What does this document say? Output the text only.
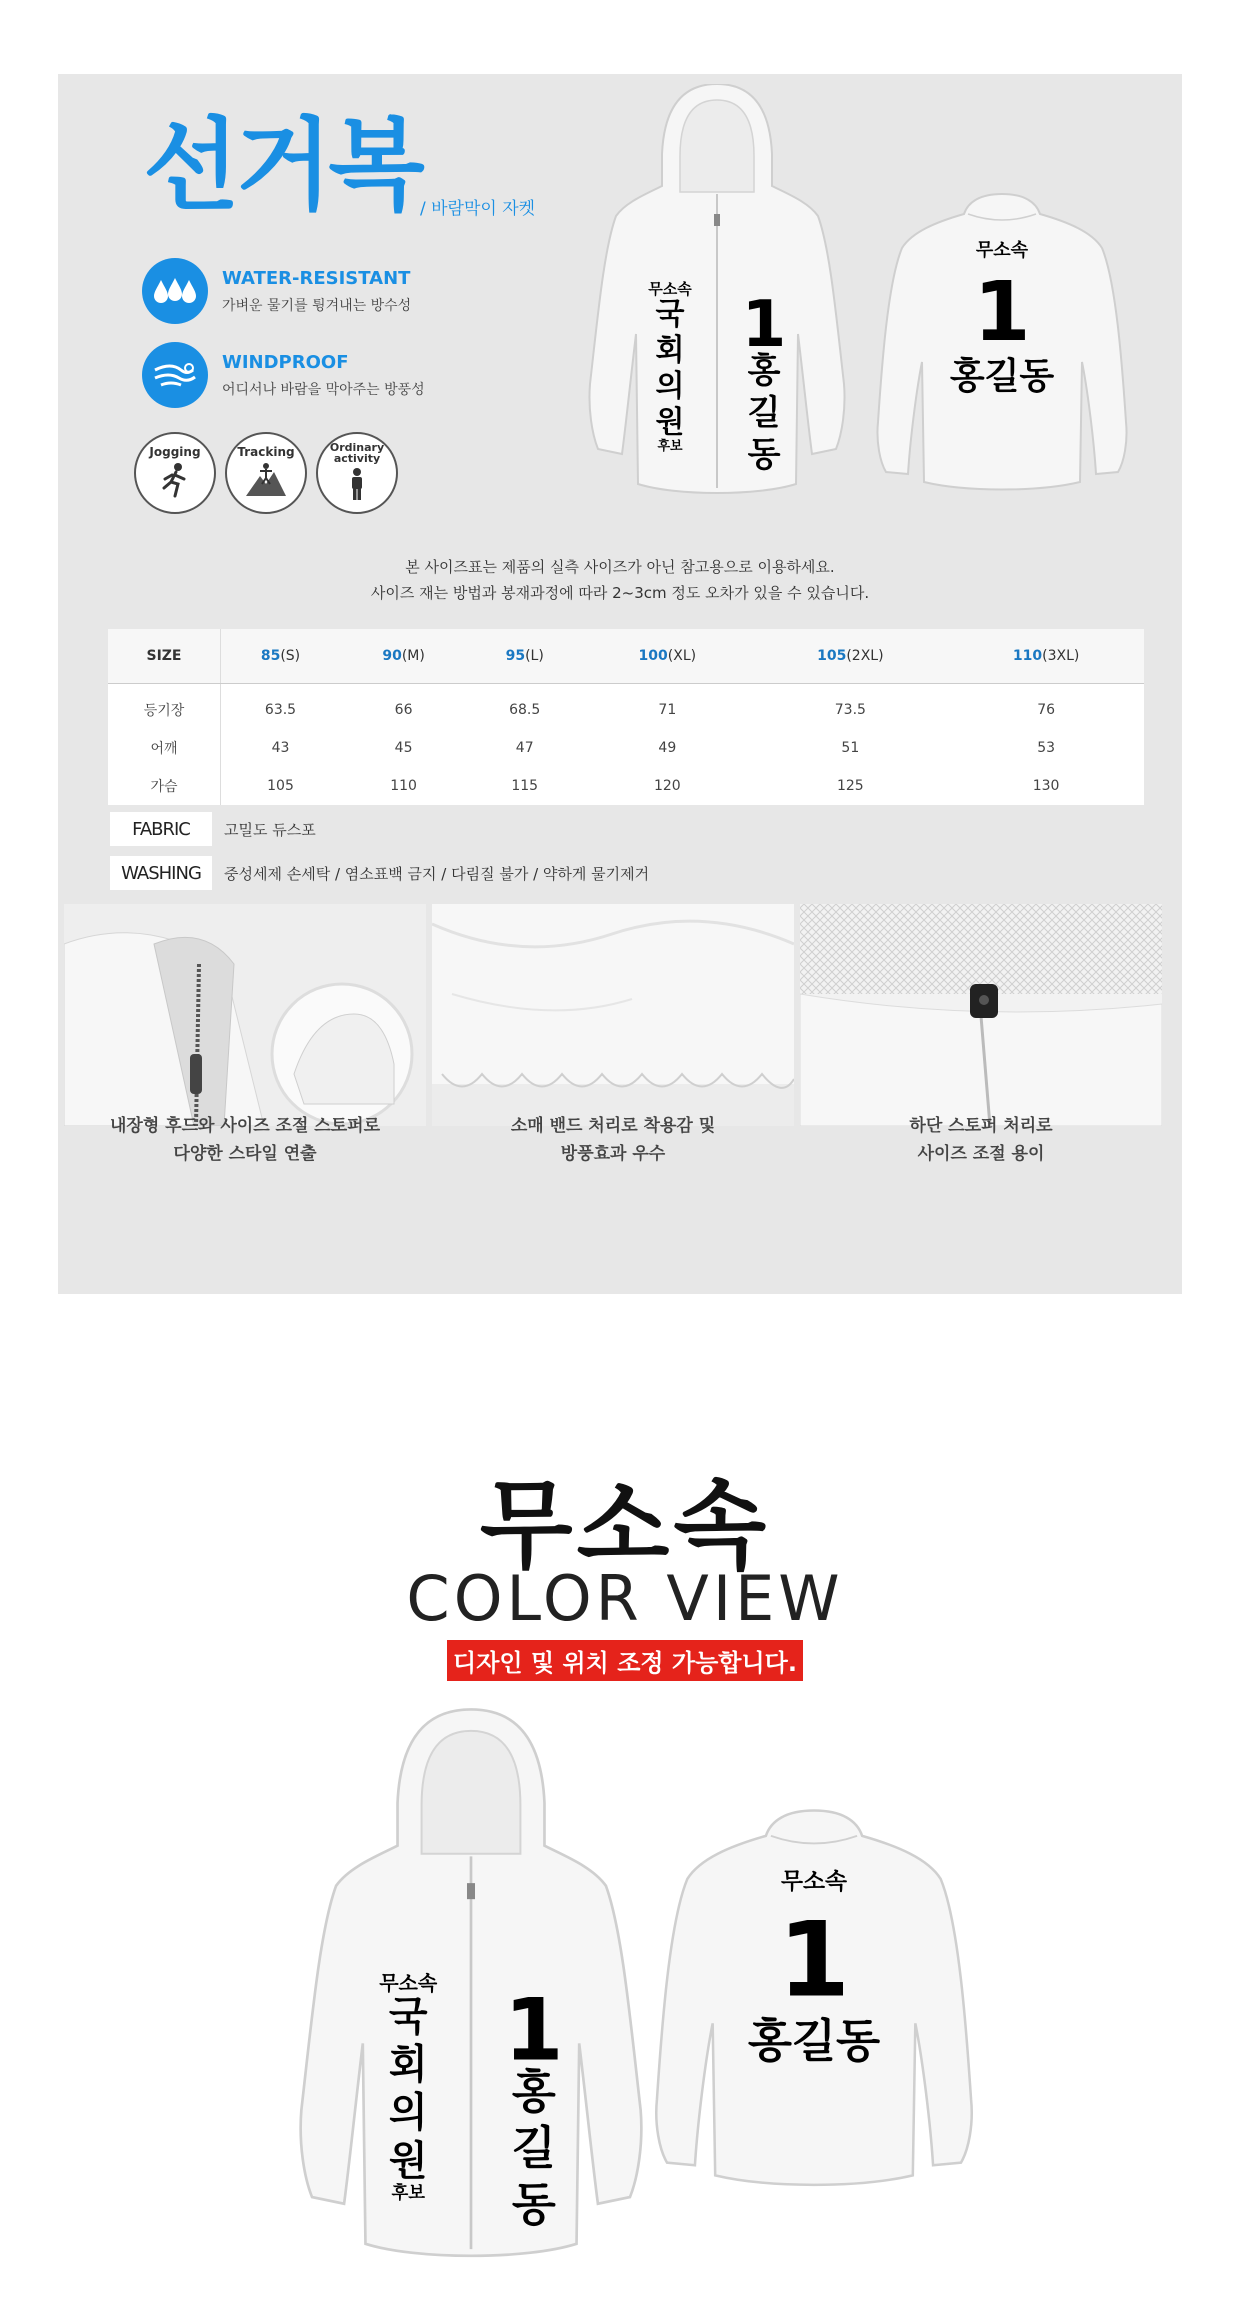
선거복 / 바람막이 자켓
WATER-RESISTANT
가벼운 물기를 튕겨내는 방수성
WINDPROOF
어디서나 바람을 막아주는 방풍성
Jogging	Tracking	Ordinary activity
무소속
국
회
의
원
후보
1
홍
길
동
무소속
1
홍길동
본 사이즈표는 제품의 실측 사이즈가 아닌 참고용으로 이용하세요.
사이즈 재는 방법과 봉재과정에 따라 2~3cm 정도 오차가 있을 수 있습니다.
SIZE	85(S)	90(M)	95(L)	100(XL)	105(2XL)	110(3XL)
등기장	63.5	66	68.5	71	73.5	76
어깨	43	45	47	49	51	53
가슴	105	110	115	120	125	130
FABRIC	고밀도 듀스포
WASHING	중성세제 손세탁 / 염소표백 금지 / 다림질 불가 / 약하게 물기제거
내장형 후드와 사이즈 조절 스토퍼로
다양한 스타일 연출
소매 밴드 처리로 착용감 및
방풍효과 우수
하단 스토퍼 처리로
사이즈 조절 용이
무소속
COLOR VIEW
디자인 및 위치 조정 가능합니다.
무소속
국
회
의
원
후보
1
홍
길
동
무소속
1
홍길동
